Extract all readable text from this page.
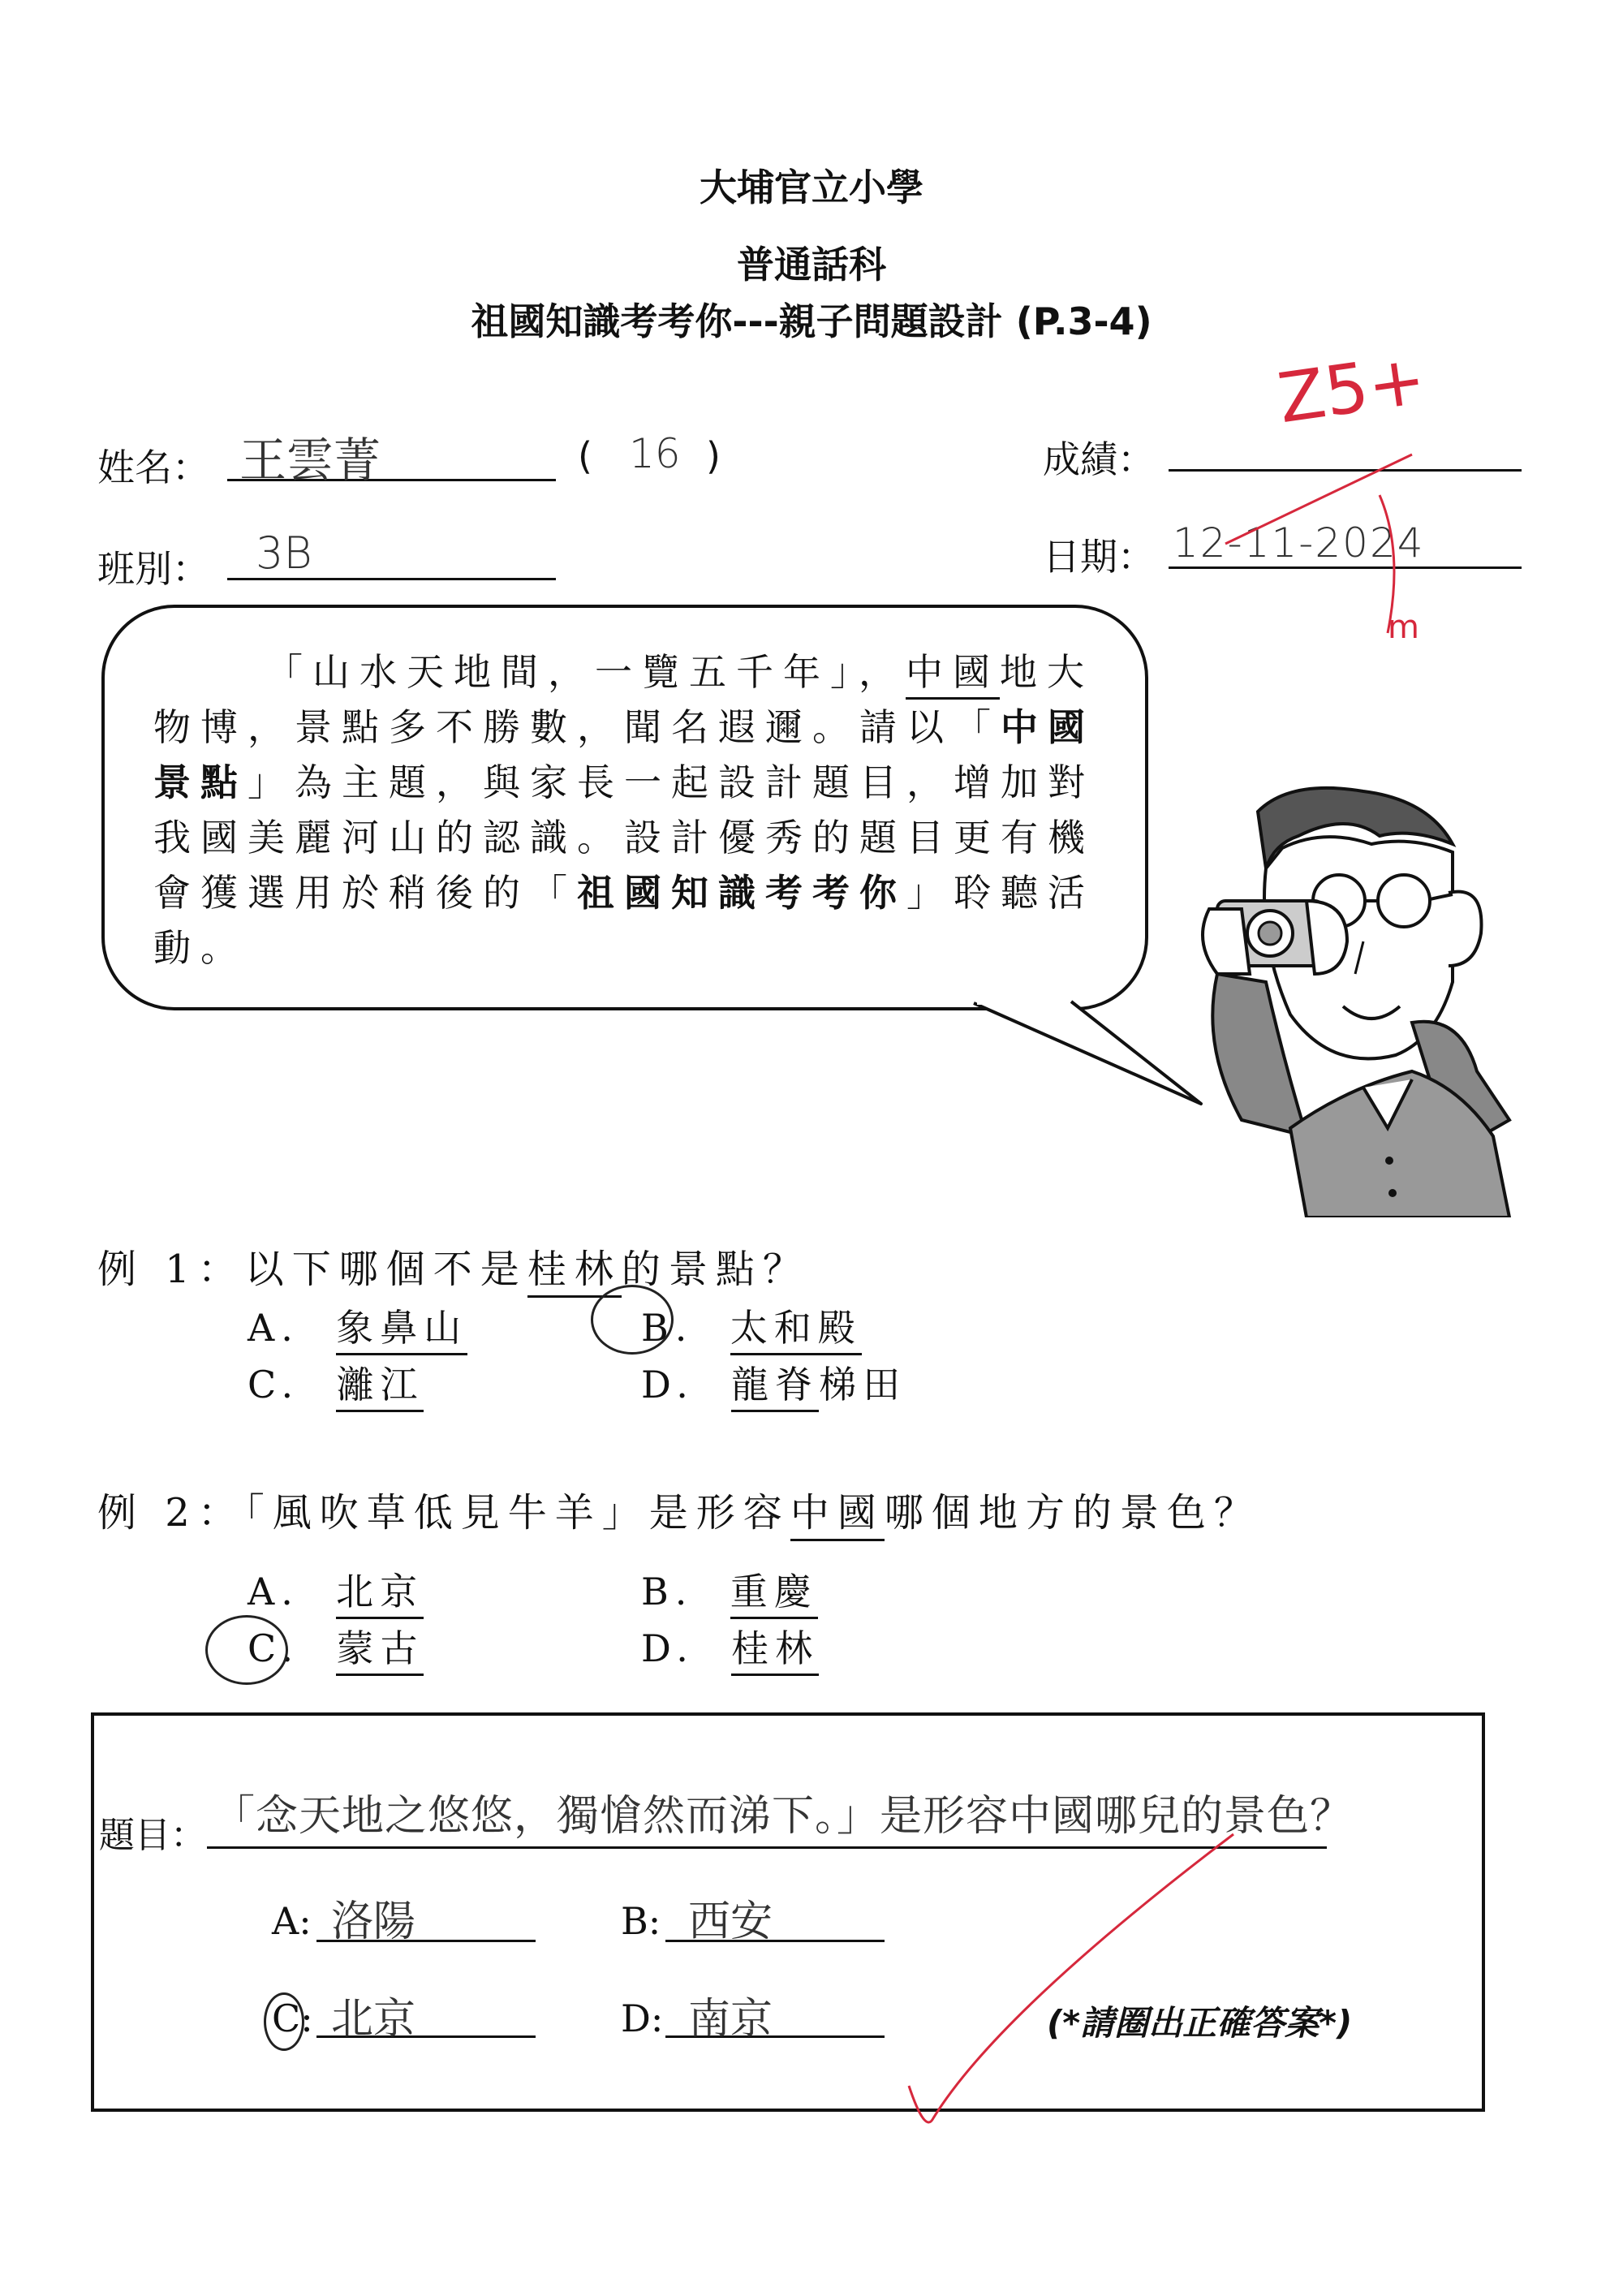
大埔官立小學
普通話科
祖國知識考考你---親子問題設計 (P.3-4)
姓名： 王雲菁	( 16 )	成績：
班別： 3B	日期： 12-11-2024
Z5+
m
「山水天地間，一覽五千年」，中國地大
物博，景點多不勝數，聞名遐邇。請以「中國
景點」為主題，與家長一起設計題目，增加對
我國美麗河山的認識。設計優秀的題目更有機
會獲選用於稍後的「祖國知識考考你」聆聽活
動。
例 1：以下哪個不是桂林的景點？
A. 象鼻山	B. 太和殿
C. 灕江	D. 龍脊梯田
例 2：「風吹草低見牛羊」是形容中國哪個地方的景色？
A. 北京	B. 重慶
C. 蒙古	D. 桂林
題目： 「念天地之悠悠，獨愴然而涕下。」是形容中國哪兒的景色？
A: 洛陽	B: 西安
C: 北京	D: 南京	(*請圈出正確答案*)
